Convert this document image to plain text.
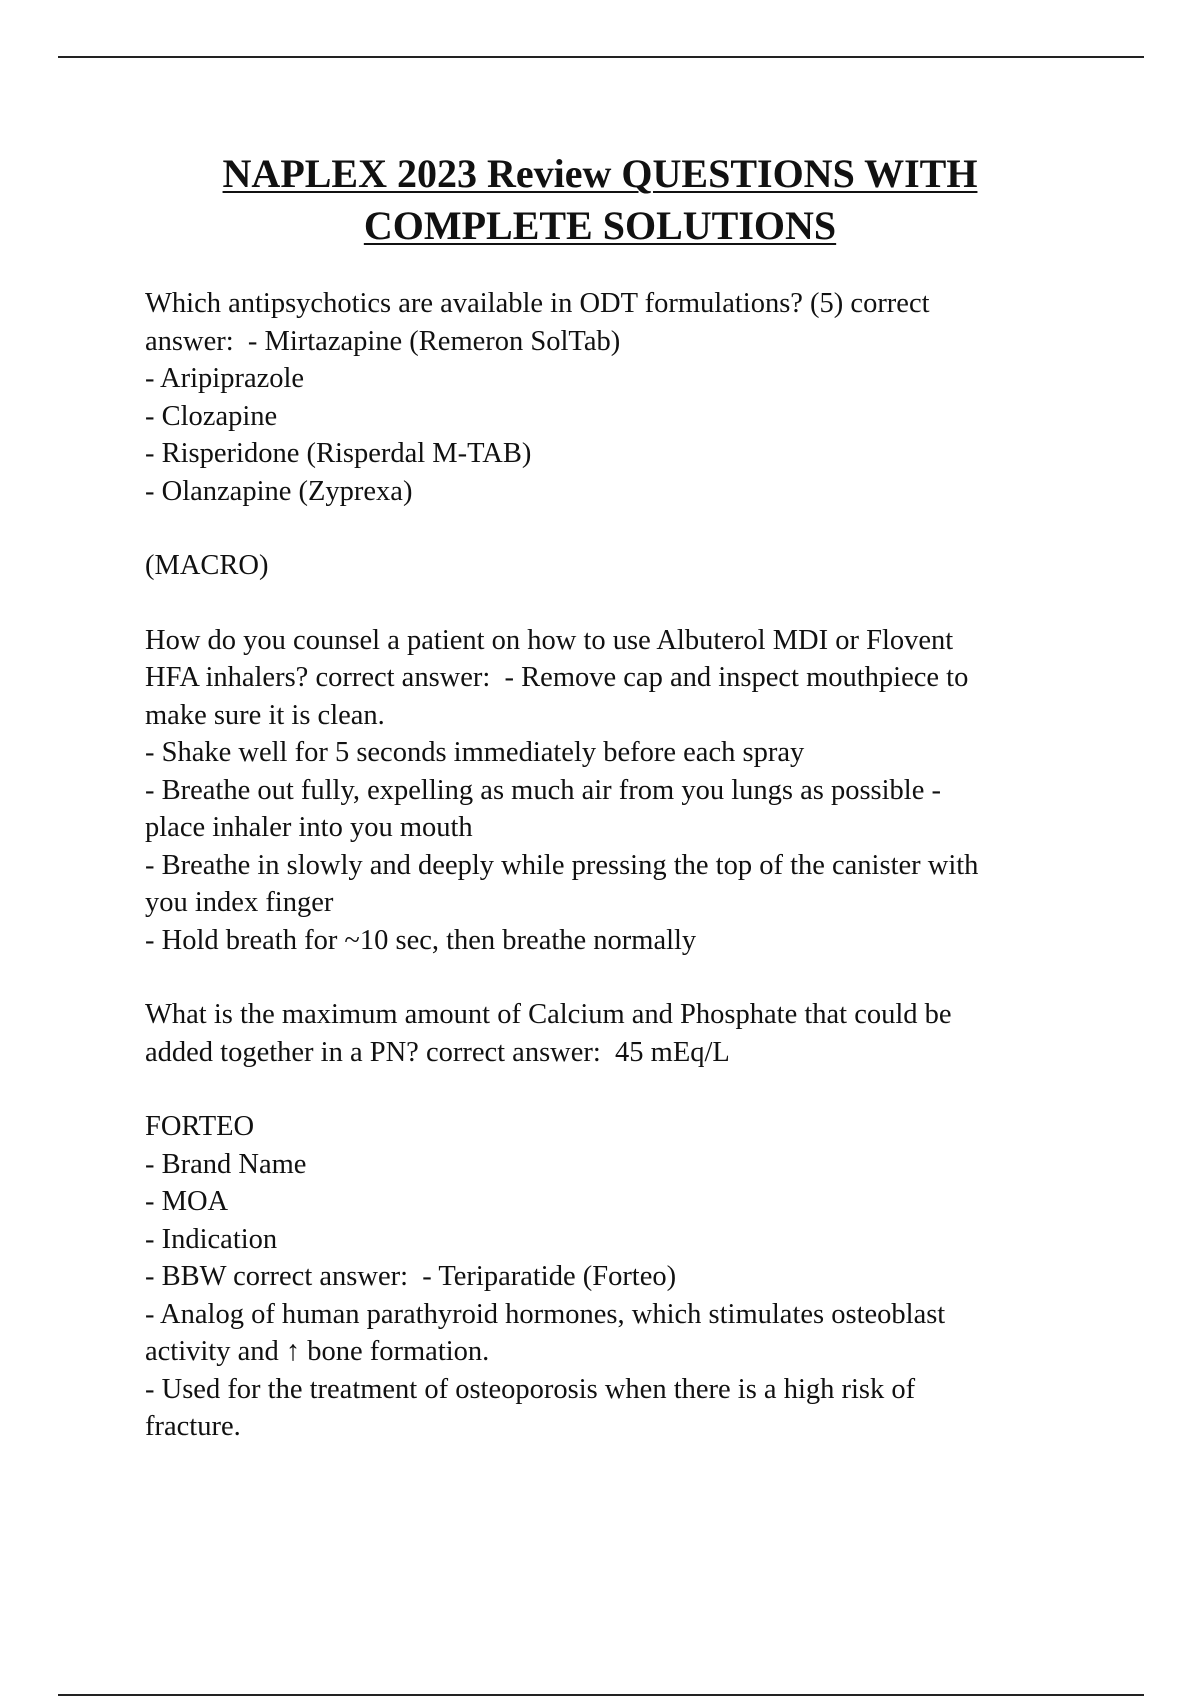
NAPLEX 2023 Review QUESTIONS WITH
COMPLETE SOLUTIONS
Which antipsychotics are available in ODT formulations? (5) correct
answer:  - Mirtazapine (Remeron SolTab)
- Aripiprazole
- Clozapine
- Risperidone (Risperdal M-TAB)
- Olanzapine (Zyprexa)
(MACRO)
How do you counsel a patient on how to use Albuterol MDI or Flovent
HFA inhalers? correct answer:  - Remove cap and inspect mouthpiece to
make sure it is clean.
- Shake well for 5 seconds immediately before each spray
- Breathe out fully, expelling as much air from you lungs as possible -
place inhaler into you mouth
- Breathe in slowly and deeply while pressing the top of the canister with
you index finger
- Hold breath for ~10 sec, then breathe normally
What is the maximum amount of Calcium and Phosphate that could be
added together in a PN? correct answer:  45 mEq/L
FORTEO
- Brand Name
- MOA
- Indication
- BBW correct answer:  - Teriparatide (Forteo)
- Analog of human parathyroid hormones, which stimulates osteoblast
activity and ↑ bone formation.
- Used for the treatment of osteoporosis when there is a high risk of
fracture.
